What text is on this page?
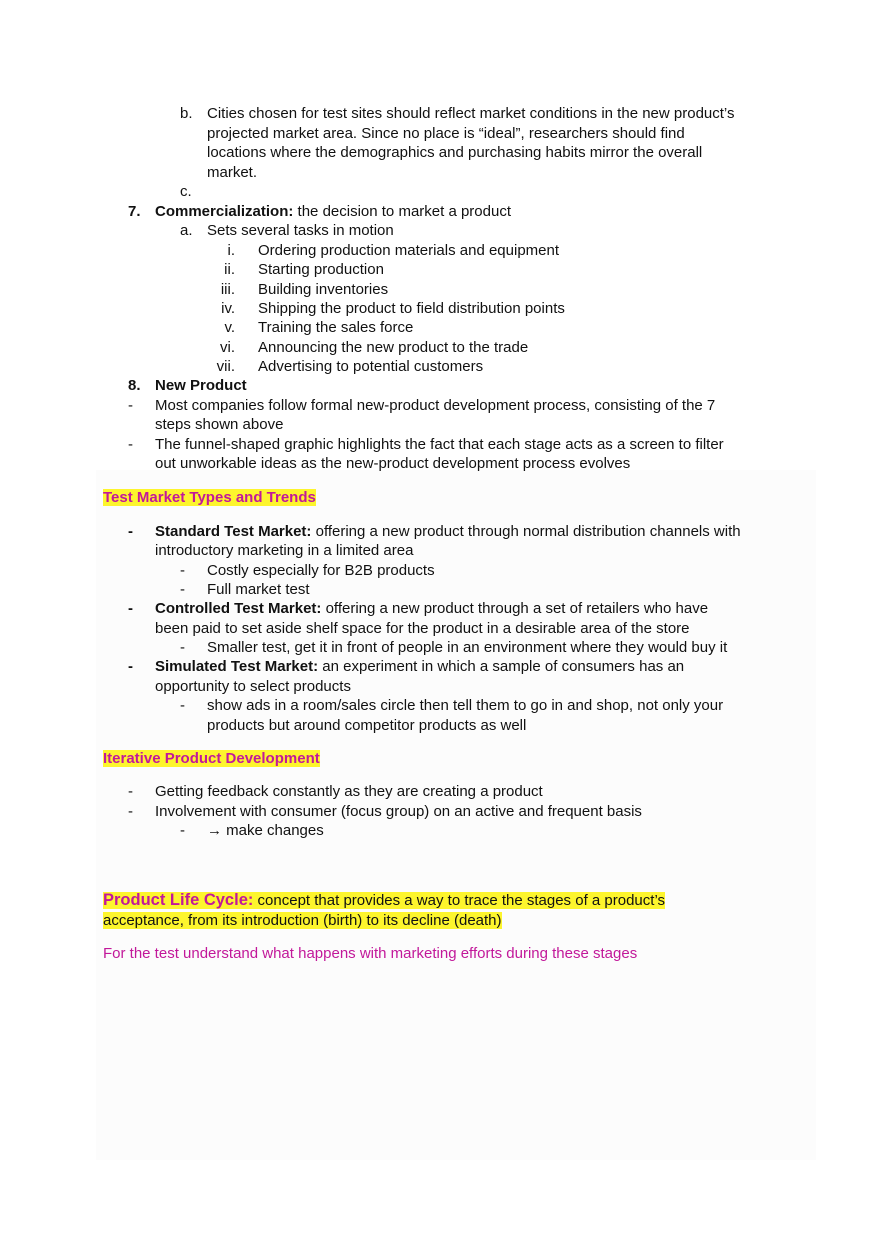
b. Cities chosen for test sites should reflect market conditions in the new product’s
projected market area. Since no place is “ideal”, researchers should find
locations where the demographics and purchasing habits mirror the overall
market.
c.
7. Commercialization: the decision to market a product
a. Sets several tasks in motion
i. Ordering production materials and equipment
ii. Starting production
iii. Building inventories
iv. Shipping the product to field distribution points
v. Training the sales force
vi. Announcing the new product to the trade
vii. Advertising to potential customers
8. New Product
- Most companies follow formal new-product development process, consisting of the 7
steps shown above
- The funnel-shaped graphic highlights the fact that each stage acts as a screen to filter
out unworkable ideas as the new-product development process evolves
Test Market Types and Trends
- Standard Test Market: offering a new product through normal distribution channels with
introductory marketing in a limited area
- Costly especially for B2B products
- Full market test
- Controlled Test Market: offering a new product through a set of retailers who have
been paid to set aside shelf space for the product in a desirable area of the store
- Smaller test, get it in front of people in an environment where they would buy it
- Simulated Test Market: an experiment in which a sample of consumers has an
opportunity to select products
- show ads in a room/sales circle then tell them to go in and shop, not only your
products but around competitor products as well
Iterative Product Development
- Getting feedback constantly as they are creating a product
- Involvement with consumer (focus group) on an active and frequent basis
- → make changes
Product Life Cycle: concept that provides a way to trace the stages of a product’s
acceptance, from its introduction (birth) to its decline (death)
For the test understand what happens with marketing efforts during these stages
